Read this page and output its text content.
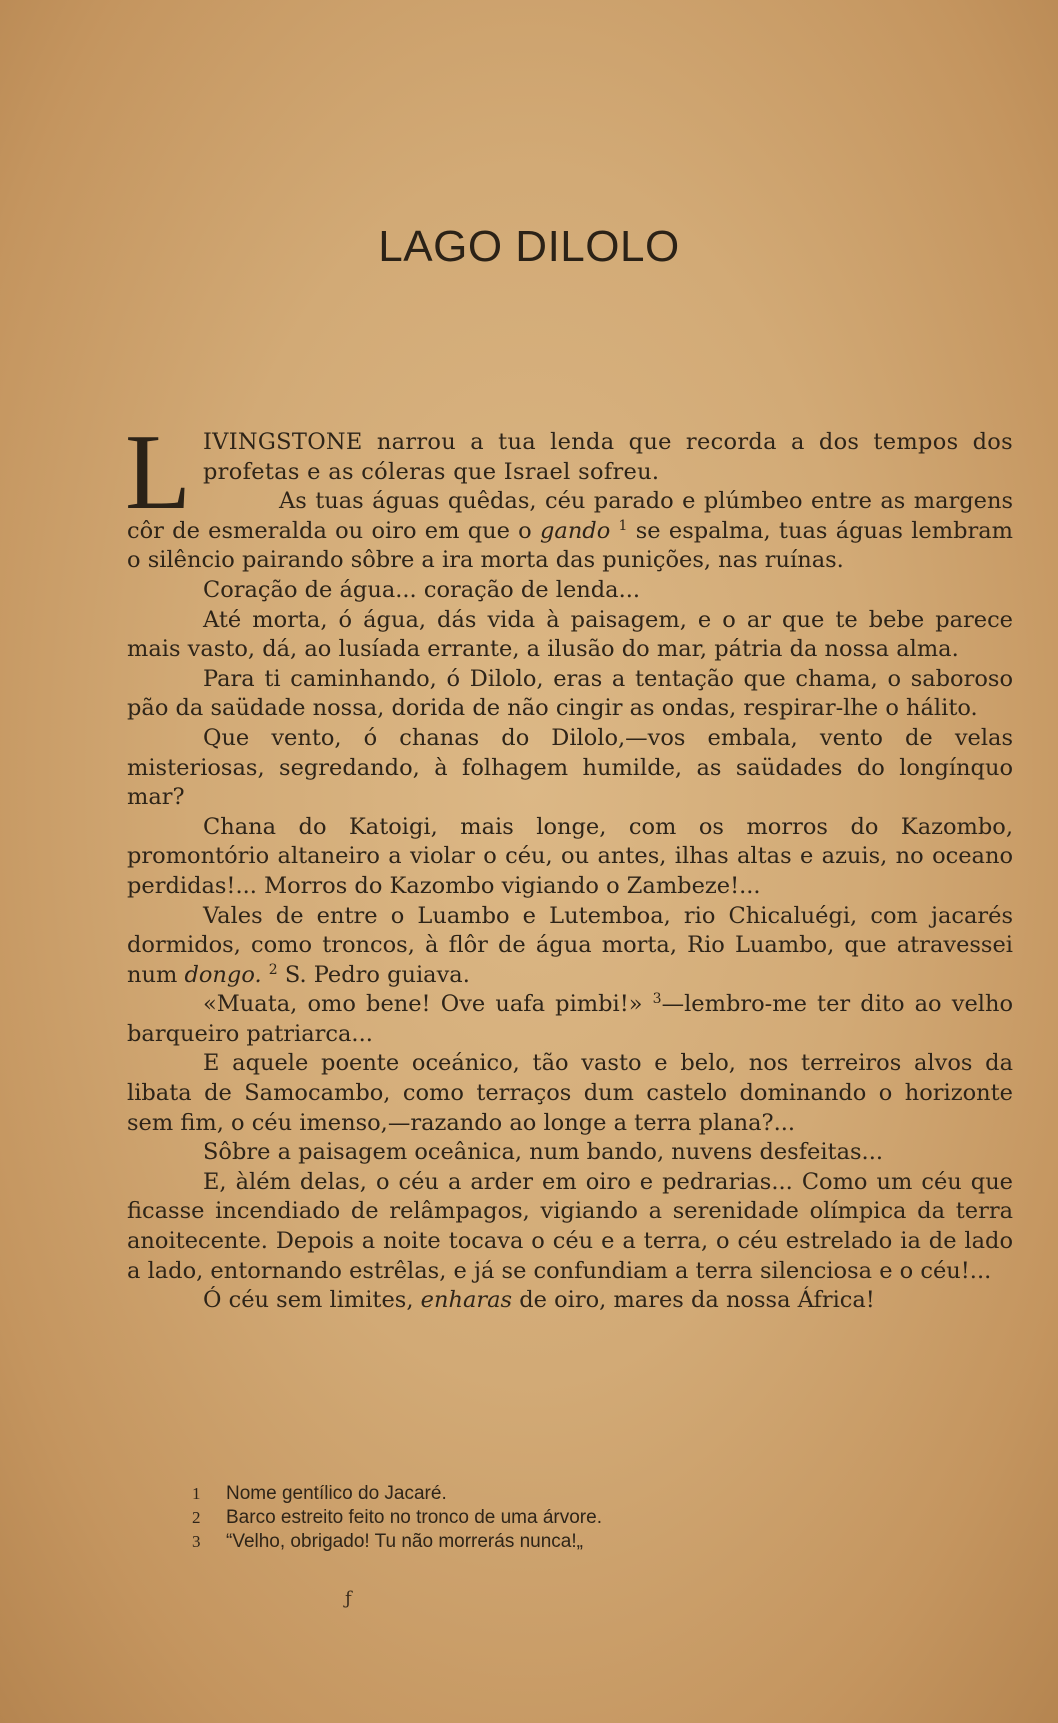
LAGO DILOLO

LIVINGSTONE narrou a tua lenda que recorda a dos tempos dos profetas e as cóleras que Israel sofreu.

As tuas águas quêdas, céu parado e plúmbeo entre as margens côr de esmeralda ou oiro em que o gando $^1$ se espalma, tuas águas lembram o silêncio pairando sôbre a ira morta das punições, nas ruínas.

Coração de água... coração de lenda...

Até morta, ó água, dás vida à paisagem, e o ar que te bebe parece mais vasto, dá, ao lusíada errante, a ilusão do mar, pátria da nossa alma.

Para ti caminhando, ó Dilolo, eras a tentação que chama, o saboroso pão da saüdade nossa, dorida de não cingir as ondas, respirar-lhe o hálito.

Que vento, ó chanas do Dilolo,—vos embala, vento de velas misteriosas, segredando, à folhagem humilde, as saüdades do longínquo mar?

Chana do Katoigi, mais longe, com os morros do Kazombo, promontório altaneiro a violar o céu, ou antes, ilhas altas e azuis, no oceano perdidas!... Morros do Kazombo vigiando o Zambeze!...

Vales de entre o Luambo e Lutemboa, rio Chicaluégi, com jacarés dormidos, como troncos, à flôr de água morta, Rio Luambo, que atravessei num dongo. $^2$ S. Pedro guiava.

«Muata, omo bene! Ove uafa pimbi!» $^3$—lembro-me ter dito ao velho barqueiro patriarca...

E aquele poente oceánico, tão vasto e belo, nos terreiros alvos da libata de Samocambo, como terraços dum castelo dominando o horizonte sem fim, o céu imenso,—razando ao longe a terra plana?...

Sôbre a paisagem oceânica, num bando, nuvens desfeitas...

E, àlém delas, o céu a arder em oiro e pedrarias... Como um céu que ficasse incendiado de relâmpagos, vigiando a serenidade olímpica da terra anoitecente. Depois a noite tocava o céu e a terra, o céu estrelado ia de lado a lado, entornando estrêlas, e já se confundiam a terra silenciosa e o céu!...

Ó céu sem limites, enharas de oiro, mares da nossa África!

1	Nome gentílico do Jacaré.
2	Barco estreito feito no tronco de uma árvore.
3	“Velho, obrigado! Tu não morrerás nunca!„
ƒ
